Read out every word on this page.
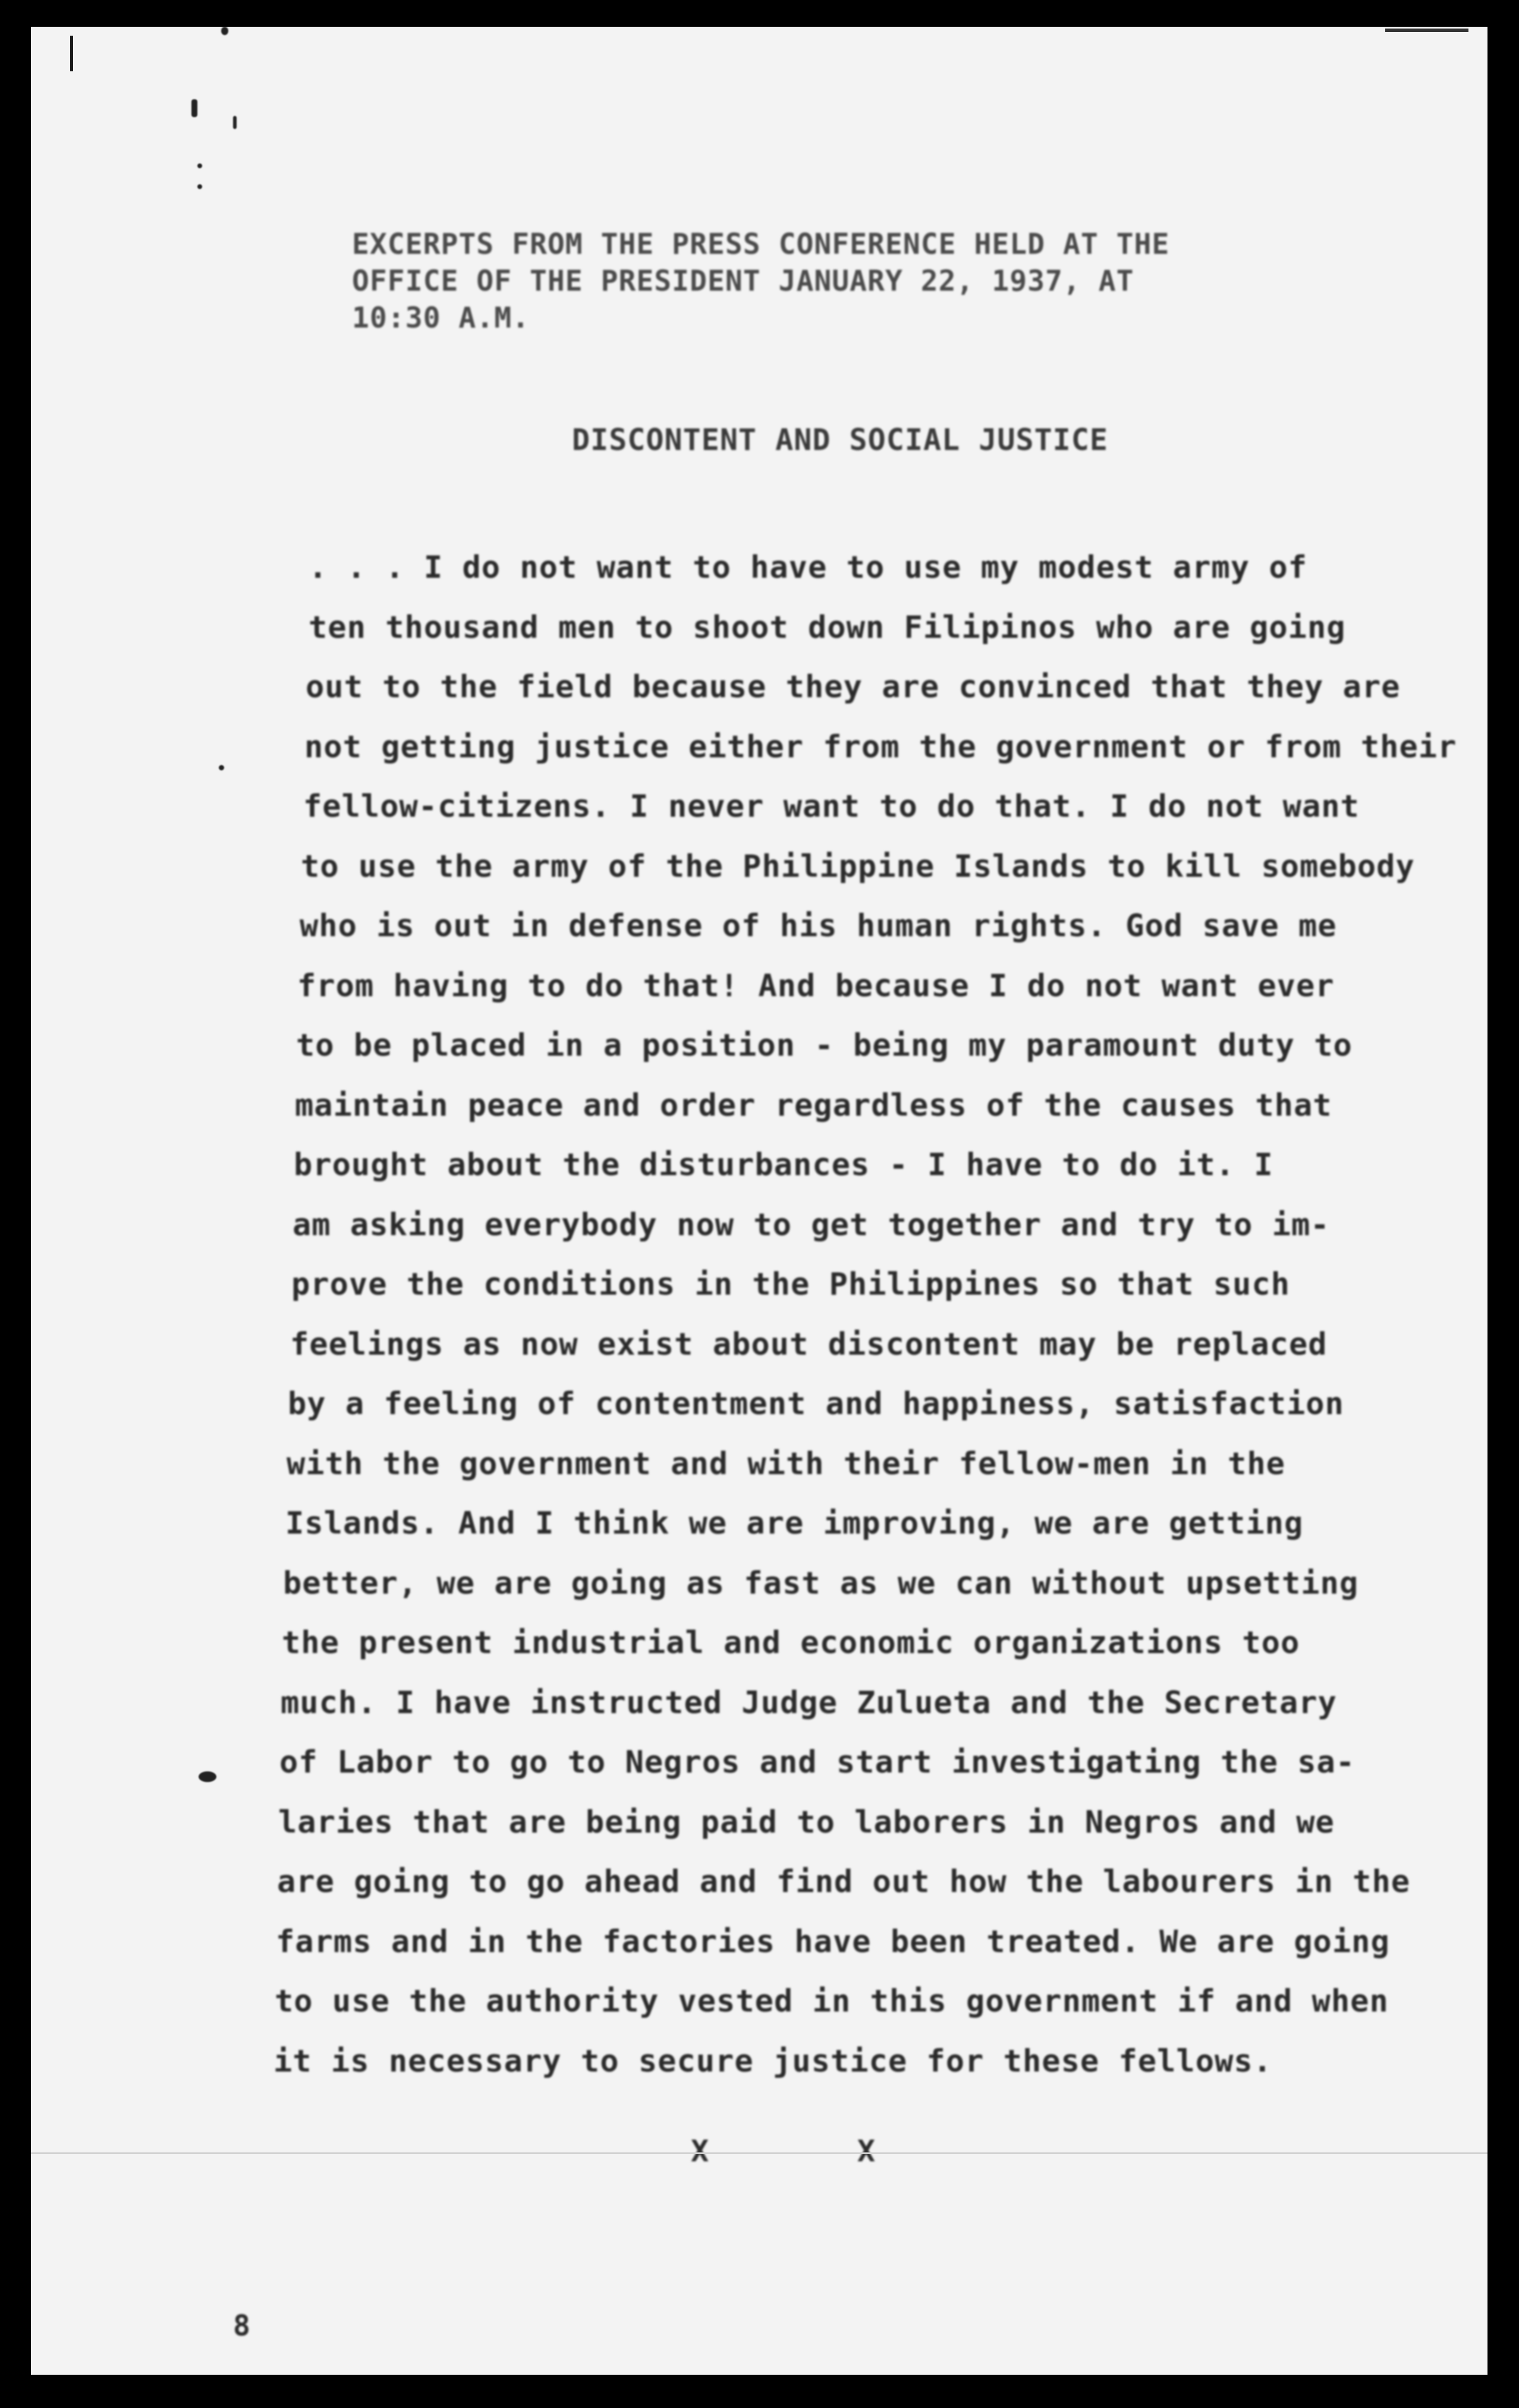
EXCERPTS FROM THE PRESS CONFERENCE HELD AT THE
OFFICE OF THE PRESIDENT JANUARY 22, 1937, AT
10:30 A.M.
DISCONTENT AND SOCIAL JUSTICE
. . . I do not want to have to use my modest army of
ten thousand men to shoot down Filipinos who are going
out to the field because they are convinced that they are
not getting justice either from the government or from their
fellow-citizens. I never want to do that. I do not want
to use the army of the Philippine Islands to kill somebody
who is out in defense of his human rights. God save me
from having to do that! And because I do not want ever
to be placed in a position - being my paramount duty to
maintain peace and order regardless of the causes that
brought about the disturbances - I have to do it. I
am asking everybody now to get together and try to im-
prove the conditions in the Philippines so that such
feelings as now exist about discontent may be replaced
by a feeling of contentment and happiness, satisfaction
with the government and with their fellow-men in the
Islands. And I think we are improving, we are getting
better, we are going as fast as we can without upsetting
the present industrial and economic organizations too
much. I have instructed Judge Zulueta and the Secretary
of Labor to go to Negros and start investigating the sa-
laries that are being paid to laborers in Negros and we
are going to go ahead and find out how the labourers in the
farms and in the factories have been treated. We are going
to use the authority vested in this government if and when
it is necessary to secure justice for these fellows.
X        X
8
